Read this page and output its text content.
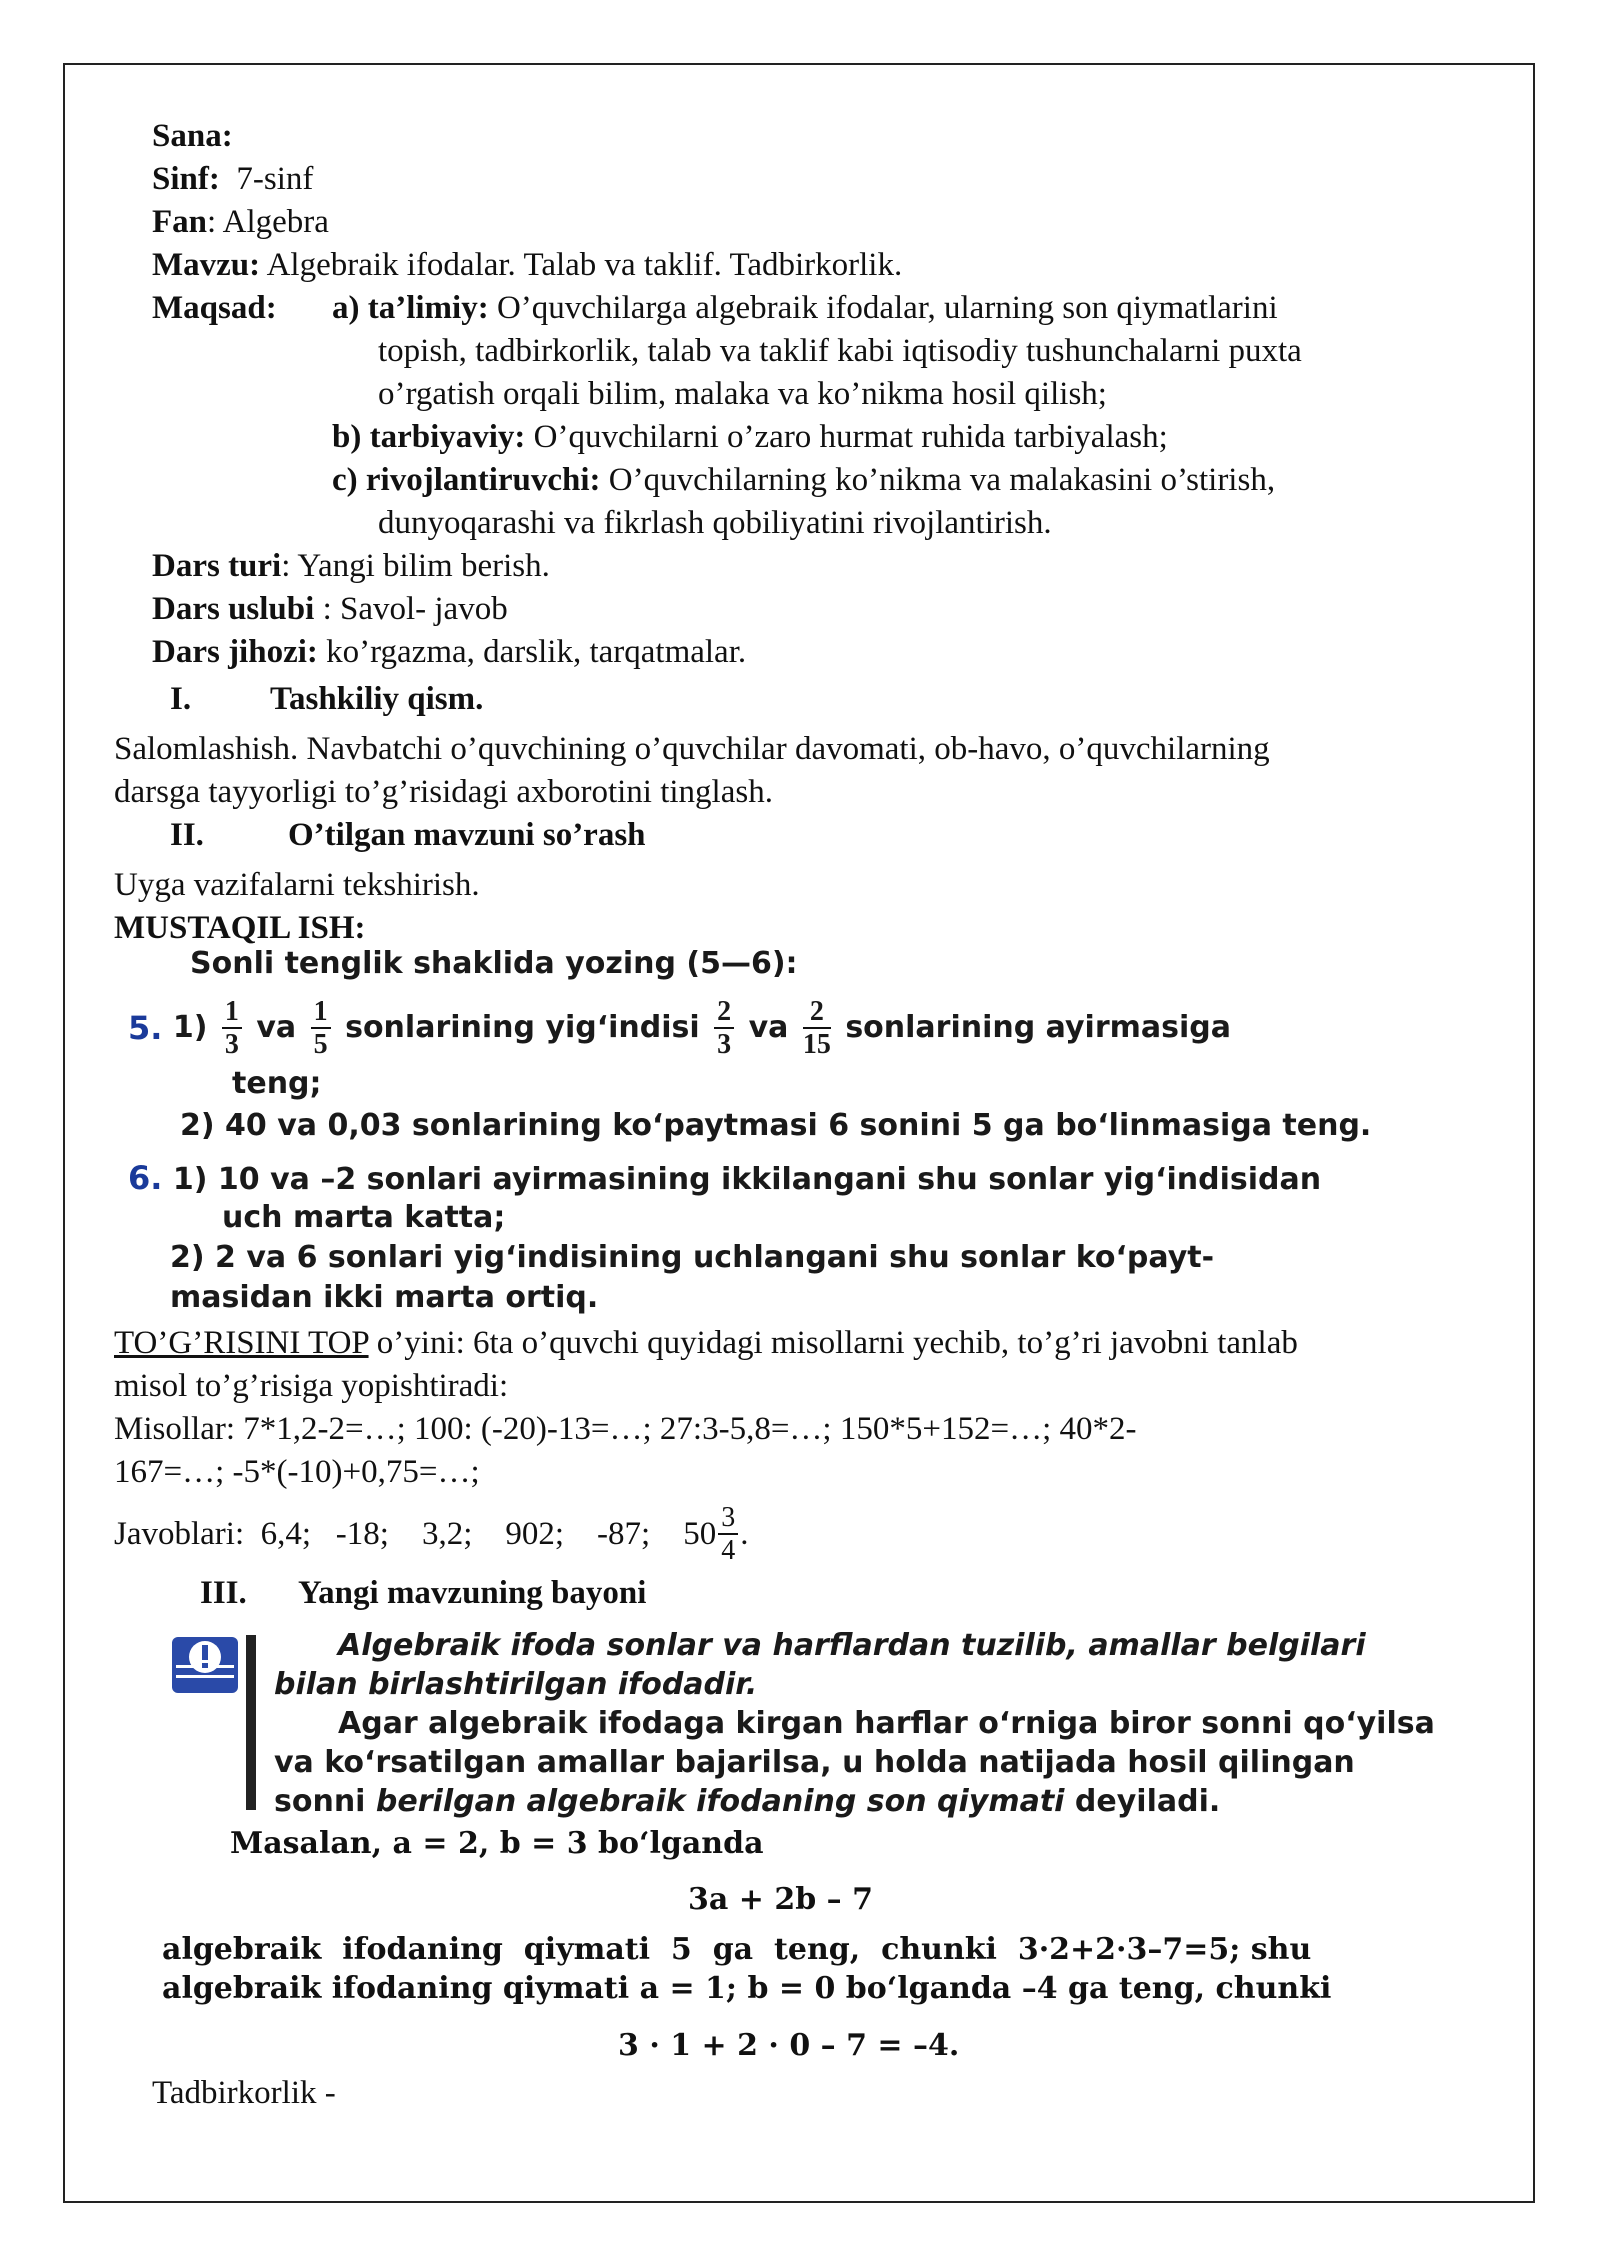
Sana:
Sinf: 7-sinf
Fan: Algebra
Mavzu: Algebraik ifodalar. Talab va taklif. Tadbirkorlik.
Maqsad: a) ta’limiy: O’quvchilarga algebraik ifodalar, ularning son qiymatlarini
topish, tadbirkorlik, talab va taklif kabi iqtisodiy tushunchalarni puxta
o’rgatish orqali bilim, malaka va ko’nikma hosil qilish;
b) tarbiyaviy: O’quvchilarni o’zaro hurmat ruhida tarbiyalash;
c) rivojlantiruvchi: O’quvchilarning ko’nikma va malakasini o’stirish,
dunyoqarashi va fikrlash qobiliyatini rivojlantirish.
Dars turi: Yangi bilim berish.
Dars uslubi : Savol- javob
Dars jihozi: ko’rgazma, darslik, tarqatmalar.
I. Tashkiliy qism.
Salomlashish. Navbatchi o’quvchining o’quvchilar davomati, ob-havo, o’quvchilarning
darsga tayyorligi to’g’risidagi axborotini tinglash.
II.	O’tilgan mavzuni so’rash
Uyga vazifalarni tekshirish.
MUSTAQIL ISH:
Sonli tenglik shaklida yozing (5—6):
5.
1)
$\frac{1}{3}$
va
$\frac{1}{5}$
sonlarining yig‘indisi
$\frac{2}{3}$
va
$\frac{2}{15}$
sonlarining ayirmasiga
teng;
2) 40 va 0,03 sonlarining ko‘paytmasi 6 sonini 5 ga bo‘linmasiga teng.
6. 1) 10 va –2 sonlari ayirmasining ikkilangani shu sonlar yig‘indisidan
uch marta katta;
2) 2 va 6 sonlari yig‘indisining uchlangani shu sonlar ko‘payt-
masidan ikki marta ortiq.
TO’G’RISINI TOP o’yini: 6ta o’quvchi quyidagi misollarni yechib, to’g’ri javobni tanlab
misol to’g’risiga yopishtiradi:
Misollar: 7*1,2-2=…; 100: (-20)-13=…; 27:3-5,8=…; 150*5+152=…; 40*2-
167=…; -5*(-10)+0,75=…;
Javoblari:  6,4;   -18;    3,2;    902;    -87;    $50 \frac{3}{4}$ .
III. Yangi mavzuning bayoni
Algebraik ifoda sonlar va harflardan tuzilib, amallar belgilari
bilan birlashtirilgan ifodadir.
Agar algebraik ifodaga kirgan harflar o‘rniga biror sonni qo‘yilsa
va ko‘rsatilgan amallar bajarilsa, u holda natijada hosil qilingan
sonni berilgan algebraik ifodaning son qiymati deyiladi.
Masalan, a = 2, b = 3 bo‘lganda
3a + 2b – 7
algebraik  ifodaning  qiymati  5  ga  teng,  chunki  3·2+2·3–7=5; shu
algebraik ifodaning qiymati a = 1; b = 0 bo‘lganda –4 ga teng, chunki
3 · 1 + 2 · 0 – 7 = –4.
Tadbirkorlik -
